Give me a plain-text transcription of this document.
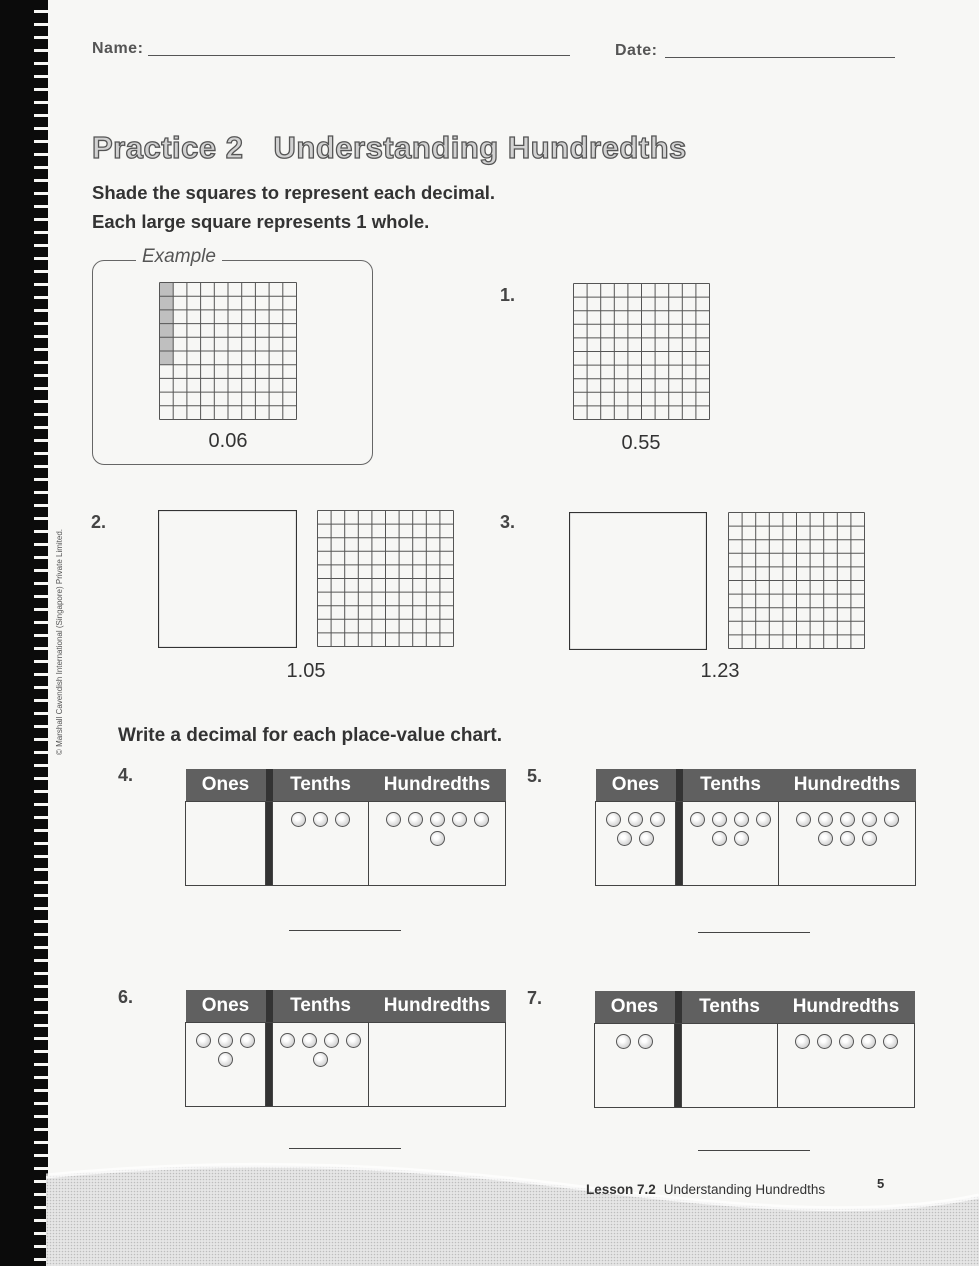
Name:	Date:
Practice 2 Understanding Hundredths
Shade the squares to represent each decimal.
Each large square represents 1 whole.
Example
0.06
1.
0.55
2.
1.05
3.
1.23
Write a decimal for each place-value chart.
4.	Ones		Tenths	Hundredths

	5.	Ones		Tenths	Hundredths

6.	Ones		Tenths	Hundredths

	7.	Ones		Tenths	Hundredths

© Marshall Cavendish International (Singapore) Private Limited.
Lesson 7.2 Understanding Hundredths	5
